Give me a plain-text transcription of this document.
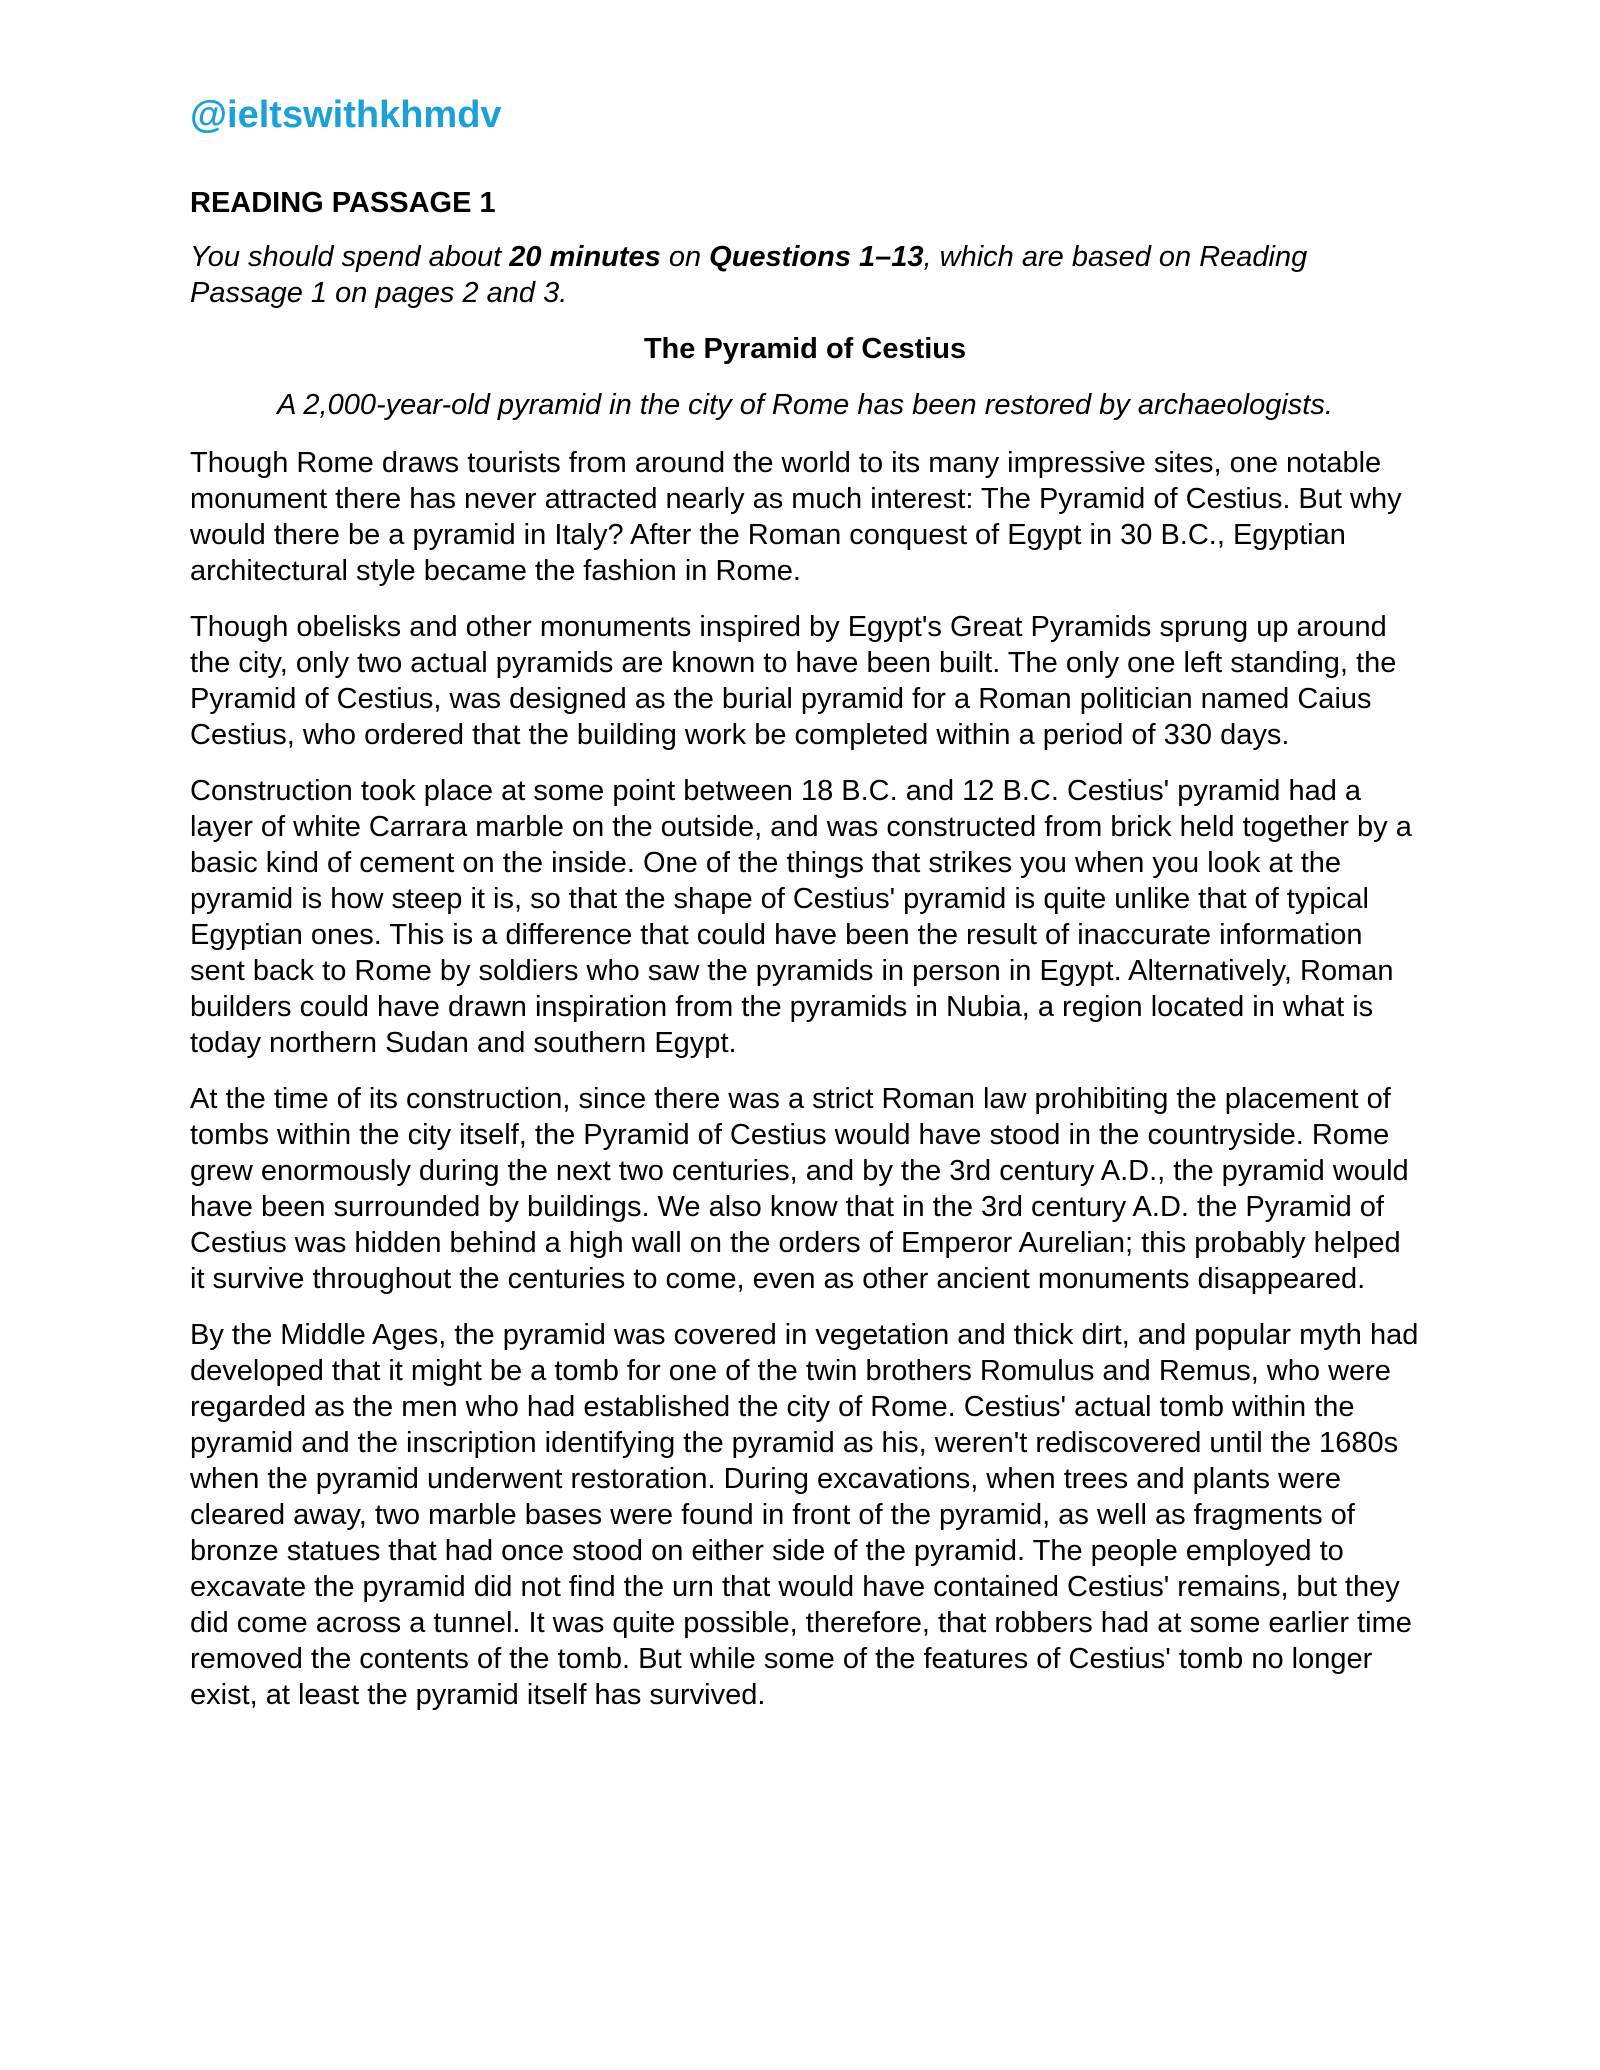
@ieltswithkhmdv
READING PASSAGE 1
You should spend about 20 minutes on Questions 1–13, which are based on Reading Passage 1 on pages 2 and 3.
The Pyramid of Cestius
A 2,000-year-old pyramid in the city of Rome has been restored by archaeologists.

Though Rome draws tourists from around the world to its many impressive sites, one notable monument there has never attracted nearly as much interest: The Pyramid of Cestius. But why would there be a pyramid in Italy? After the Roman conquest of Egypt in 30 B.C., Egyptian architectural style became the fashion in Rome.

Though obelisks and other monuments inspired by Egypt's Great Pyramids sprung up around the city, only two actual pyramids are known to have been built. The only one left standing, the Pyramid of Cestius, was designed as the burial pyramid for a Roman politician named Caius Cestius, who ordered that the building work be completed within a period of 330 days.

Construction took place at some point between 18 B.C. and 12 B.C. Cestius' pyramid had a layer of white Carrara marble on the outside, and was constructed from brick held together by a basic kind of cement on the inside. One of the things that strikes you when you look at the pyramid is how steep it is, so that the shape of Cestius' pyramid is quite unlike that of typical Egyptian ones. This is a difference that could have been the result of inaccurate information sent back to Rome by soldiers who saw the pyramids in person in Egypt. Alternatively, Roman builders could have drawn inspiration from the pyramids in Nubia, a region located in what is today northern Sudan and southern Egypt.

At the time of its construction, since there was a strict Roman law prohibiting the placement of tombs within the city itself, the Pyramid of Cestius would have stood in the countryside. Rome grew enormously during the next two centuries, and by the 3rd century A.D., the pyramid would have been surrounded by buildings. We also know that in the 3rd century A.D. the Pyramid of Cestius was hidden behind a high wall on the orders of Emperor Aurelian; this probably helped it survive throughout the centuries to come, even as other ancient monuments disappeared.

By the Middle Ages, the pyramid was covered in vegetation and thick dirt, and popular myth had developed that it might be a tomb for one of the twin brothers Romulus and Remus, who were regarded as the men who had established the city of Rome. Cestius' actual tomb within the pyramid and the inscription identifying the pyramid as his, weren't rediscovered until the 1680s when the pyramid underwent restoration. During excavations, when trees and plants were cleared away, two marble bases were found in front of the pyramid, as well as fragments of bronze statues that had once stood on either side of the pyramid. The people employed to excavate the pyramid did not find the urn that would have contained Cestius' remains, but they did come across a tunnel. It was quite possible, therefore, that robbers had at some earlier time removed the contents of the tomb. But while some of the features of Cestius' tomb no longer exist, at least the pyramid itself has survived.
